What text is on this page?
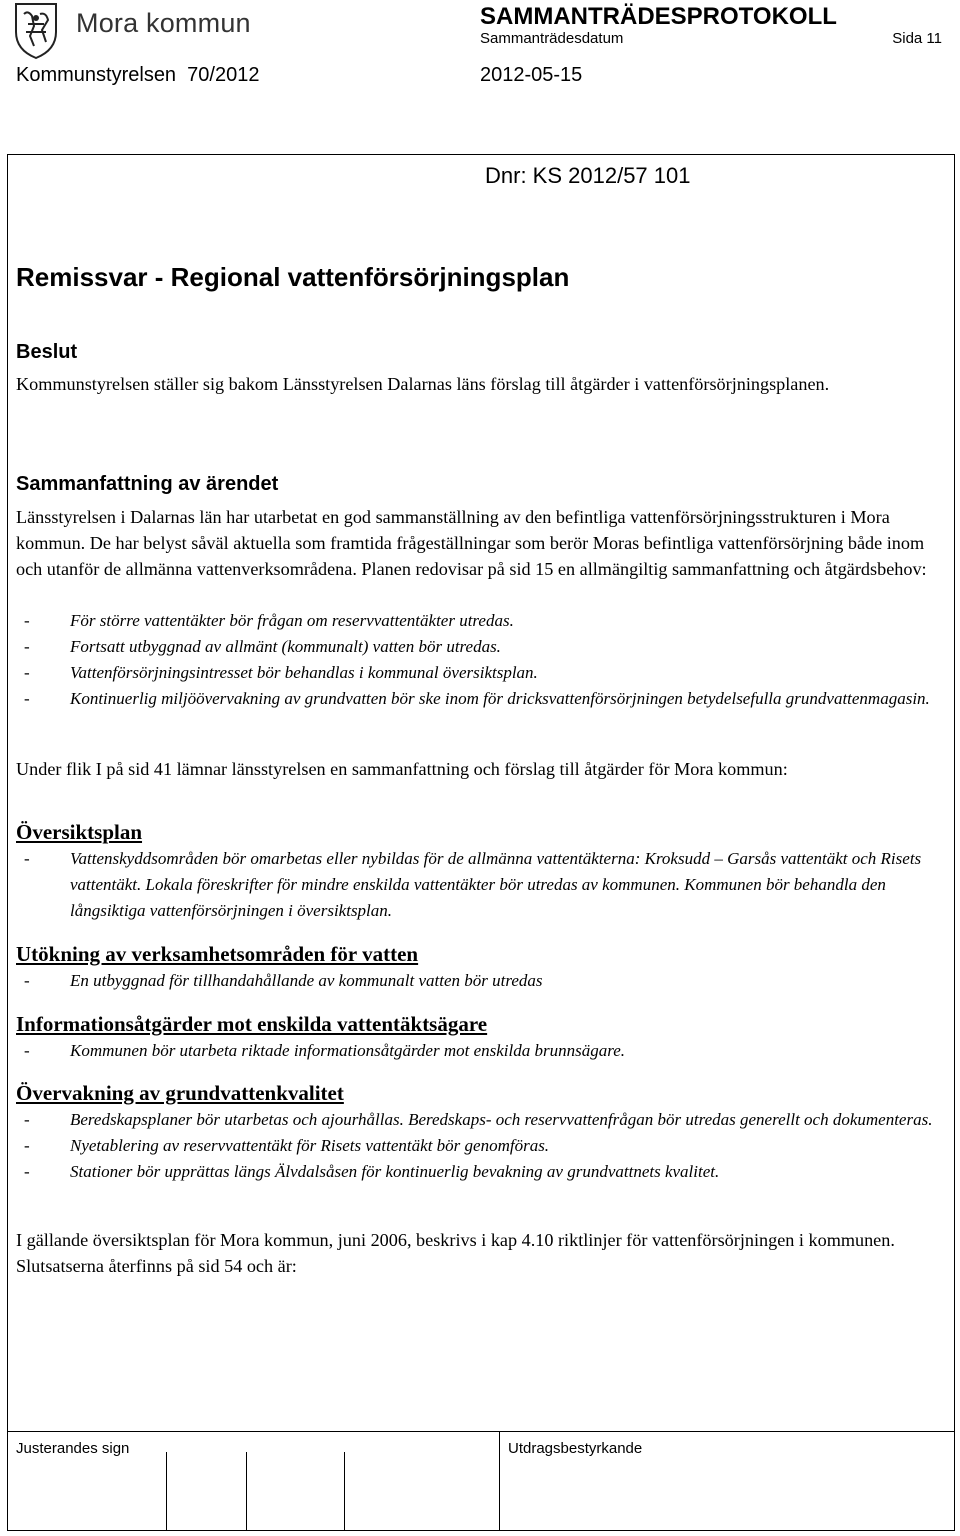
Mora kommun	SAMMANTRÄDESPROTOKOLL
Sammanträdesdatum	Sida 11
Kommunstyrelsen  70/2012	2012-05-15
Dnr: KS 2012/57 101
Remissvar - Regional vattenförsörjningsplan
Beslut

Kommunstyrelsen ställer sig bakom Länsstyrelsen Dalarnas läns förslag till åtgärder i vattenförsörjningsplanen.

Sammanfattning av ärendet

Länsstyrelsen i Dalarnas län har utarbetat en god sammanställning av den befintliga vattenförsörjningsstrukturen i Mora kommun. De har belyst såväl aktuella som framtida frågeställningar som berör Moras befintliga vattenförsörjning både inom och utanför de allmänna vattenverksområdena. Planen redovisar på sid 15 en allmängiltig sammanfattning och åtgärdsbehov:

- För större vattentäkter bör frågan om reservvattentäkter utredas.
- Fortsatt utbyggnad av allmänt (kommunalt) vatten bör utredas.
- Vattenförsörjningsintresset bör behandlas i kommunal översiktsplan.
- Kontinuerlig miljöövervakning av grundvatten bör ske inom för dricksvattenförsörjningen betydelsefulla grundvattenmagasin.

Under flik I på sid 41 lämnar länsstyrelsen en sammanfattning och förslag till åtgärder för Mora kommun:

Översiktsplan
- Vattenskyddsområden bör omarbetas eller nybildas för de allmänna vattentäkterna: Kroksudd – Garsås vattentäkt och Risets vattentäkt. Lokala föreskrifter för mindre enskilda vattentäkter bör utredas av kommunen. Kommunen bör behandla den långsiktiga vattenförsörjningen i översiktsplan.
Utökning av verksamhetsområden för vatten
- En utbyggnad för tillhandahållande av kommunalt vatten bör utredas
Informationsåtgärder mot enskilda vattentäktsägare
- Kommunen bör utarbeta riktade informationsåtgärder mot enskilda brunnsägare.
Övervakning av grundvattenkvalitet
- Beredskapsplaner bör utarbetas och ajourhållas. Beredskaps- och reservvattenfrågan bör utredas generellt och dokumenteras.
- Nyetablering av reservvattentäkt för Risets vattentäkt bör genomföras.
- Stationer bör upprättas längs Älvdalsåsen för kontinuerlig bevakning av grundvattnets kvalitet.

I gällande översiktsplan för Mora kommun, juni 2006, beskrivs i kap 4.10 riktlinjer för vattenförsörjningen i kommunen. Slutsatserna återfinns på sid 54 och är:

Justerandes sign	Utdragsbestyrkande
